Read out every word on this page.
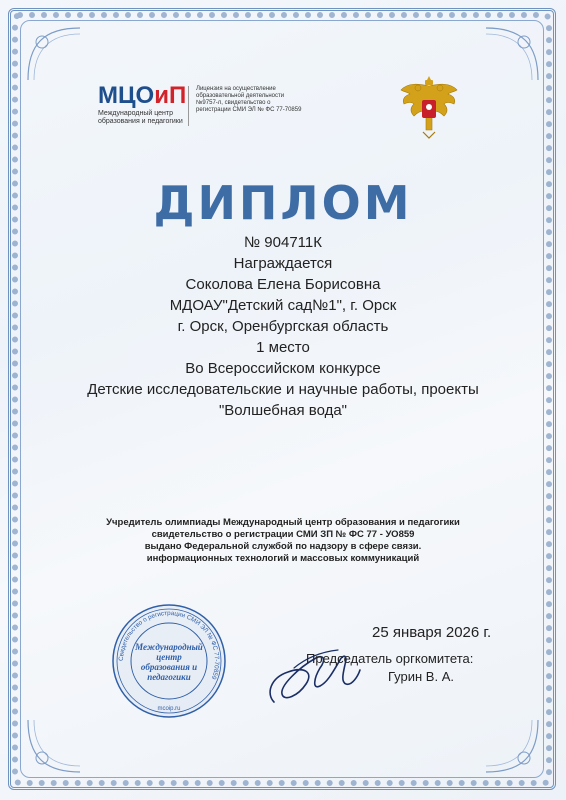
МЦОиП
Международный центр образования и педагогики
Лицензия на осуществление образовательной деятельности №9757-л, свидетельство о регистрации СМИ ЭЛ № ФС 77-70859
ДИПЛОМ
№ 904711К
Награждается
Соколова Елена Борисовна
МДОАУ"Детский сад№1", г. Орск
г. Орск, Оренбургская область
1 место
Во Всероссийском конкурсе
Детские исследовательские и научные работы, проекты
"Волшебная вода"
Учредитель олимпиады Международный центр образования и педагогики
свидетельство о регистрации СМИ ЗП № ФС 77 - УО859
выдано Федеральной службой по надзору в сфере связи.
информационных технологий и массовых коммуникаций
Свидетельство о регистрации СМИ ЭЛ № ФС 77-70859
Международный
центр
образования и
педагогики
mcoip.ru
25 января 2026 г.
Председатель оргкомитета:
Гурин В. А.
